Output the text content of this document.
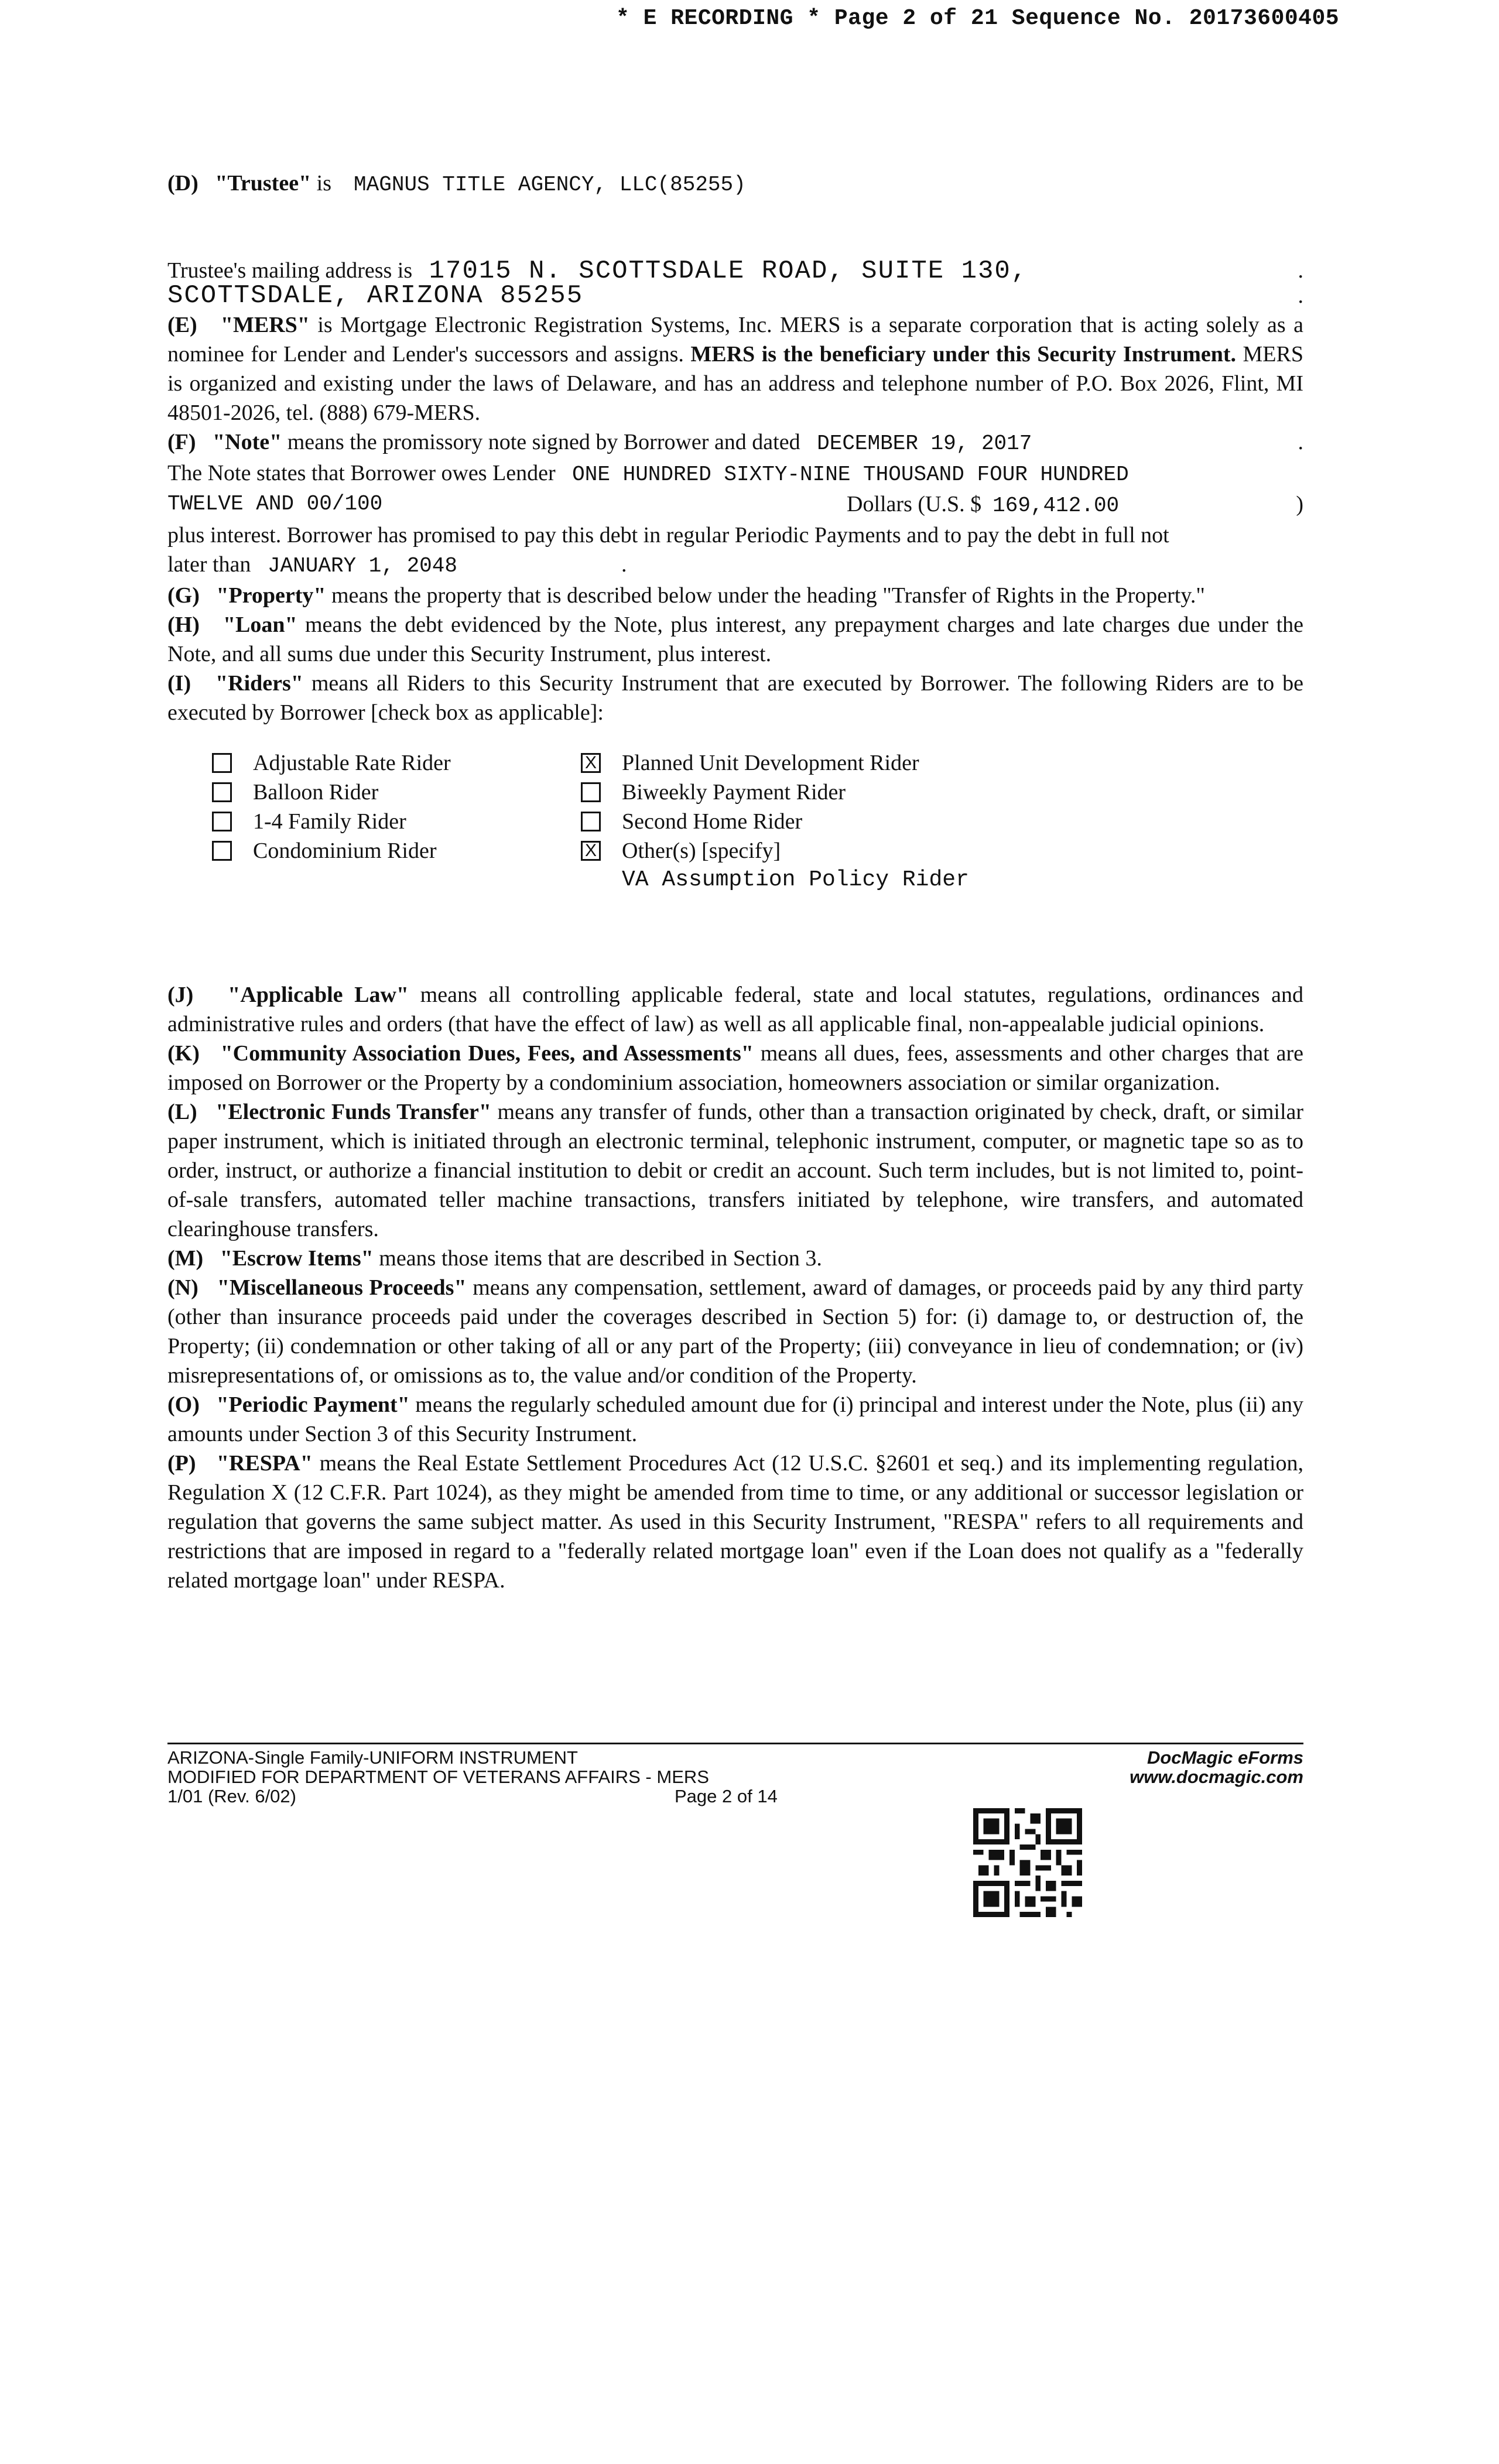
* E RECORDING * Page 2 of 21 Sequence No. 20173600405

(D) "Trustee" is MAGNUS TITLE AGENCY, LLC(85255)

Trustee's mailing address is 17015 N. SCOTTSDALE ROAD, SUITE 130,	.
SCOTTSDALE, ARIZONA 85255	.

(E) "MERS" is Mortgage Electronic Registration Systems, Inc. MERS is a separate corporation that is acting solely as a nominee for Lender and Lender's successors and assigns. MERS is the beneficiary under this Security Instrument. MERS is organized and existing under the laws of Delaware, and has an address and telephone number of P.O. Box 2026, Flint, MI 48501-2026, tel. (888) 679-MERS.

(F) "Note" means the promissory note signed by Borrower and dated DECEMBER 19, 2017	.
The Note states that Borrower owes Lender ONE HUNDRED SIXTY-NINE THOUSAND FOUR HUNDRED
TWELVE AND 00/100	Dollars (U.S. $ 169,412.00	)

plus interest. Borrower has promised to pay this debt in regular Periodic Payments and to pay the debt in full not

later than JANUARY 1, 2048	.

(G) "Property" means the property that is described below under the heading "Transfer of Rights in the Property."

(H) "Loan" means the debt evidenced by the Note, plus interest, any prepayment charges and late charges due under the Note, and all sums due under this Security Instrument, plus interest.

(I) "Riders" means all Riders to this Security Instrument that are executed by Borrower. The following Riders are to be executed by Borrower [check box as applicable]:

Adjustable Rate Rider	X Planned Unit Development Rider
Balloon Rider	Biweekly Payment Rider
1-4 Family Rider	Second Home Rider
Condominium Rider	X Other(s) [specify]
VA Assumption Policy Rider

(J) "Applicable Law" means all controlling applicable federal, state and local statutes, regulations, ordinances and administrative rules and orders (that have the effect of law) as well as all applicable final, non-appealable judicial opinions.

(K) "Community Association Dues, Fees, and Assessments" means all dues, fees, assessments and other charges that are imposed on Borrower or the Property by a condominium association, homeowners association or similar organization.

(L) "Electronic Funds Transfer" means any transfer of funds, other than a transaction originated by check, draft, or similar paper instrument, which is initiated through an electronic terminal, telephonic instrument, computer, or magnetic tape so as to order, instruct, or authorize a financial institution to debit or credit an account. Such term includes, but is not limited to, point-of-sale transfers, automated teller machine transactions, transfers initiated by telephone, wire transfers, and automated clearinghouse transfers.

(M) "Escrow Items" means those items that are described in Section 3.

(N) "Miscellaneous Proceeds" means any compensation, settlement, award of damages, or proceeds paid by any third party (other than insurance proceeds paid under the coverages described in Section 5) for: (i) damage to, or destruction of, the Property; (ii) condemnation or other taking of all or any part of the Property; (iii) conveyance in lieu of condemnation; or (iv) misrepresentations of, or omissions as to, the value and/or condition of the Property.

(O) "Periodic Payment" means the regularly scheduled amount due for (i) principal and interest under the Note, plus (ii) any amounts under Section 3 of this Security Instrument.

(P) "RESPA" means the Real Estate Settlement Procedures Act (12 U.S.C. §2601 et seq.) and its implementing regulation, Regulation X (12 C.F.R. Part 1024), as they might be amended from time to time, or any additional or successor legislation or regulation that governs the same subject matter. As used in this Security Instrument, "RESPA" refers to all requirements and restrictions that are imposed in regard to a "federally related mortgage loan" even if the Loan does not qualify as a "federally related mortgage loan" under RESPA.

ARIZONA-Single Family-UNIFORM INSTRUMENT
MODIFIED FOR DEPARTMENT OF VETERANS AFFAIRS - MERS
1/01 (Rev. 6/02)	Page 2 of 14
DocMagic eForms
www.docmagic.com
